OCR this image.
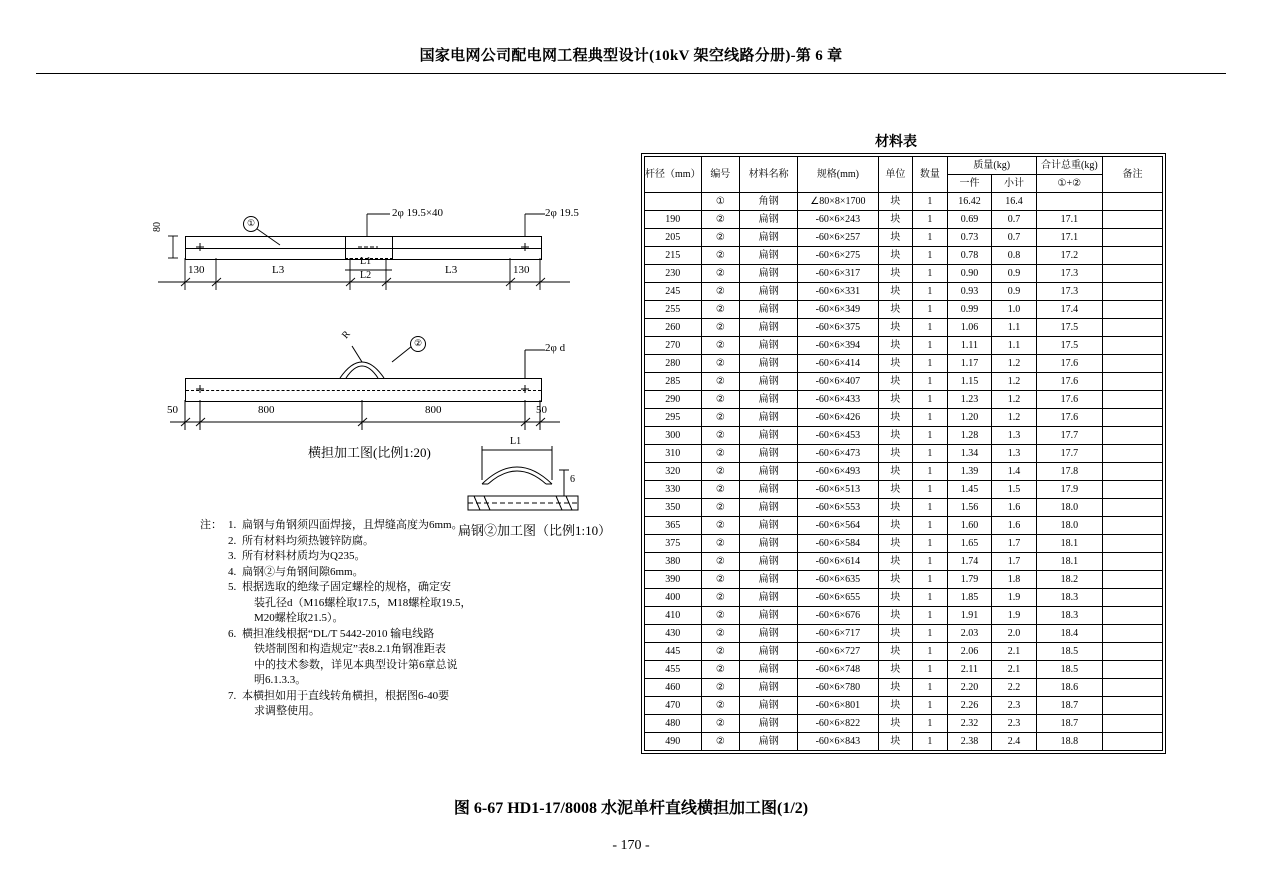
国家电网公司配电网工程典型设计(10kV 架空线路分册)-第 6 章
①
2φ 19.5×40	2φ 19.5
80
130	L3
L1
L2	L3	130
②
R
2φ d
50	800	800	50
横担加工图(比例1:20)
扁钢②加工图（比例1:10）
L1
6
注： 1. 扁钢与角钢须四面焊接，且焊缝高度为6mm。
2. 所有材料均须热镀锌防腐。
3. 所有材料材质均为Q235。
4. 扁钢②与角钢间隙6mm。
5. 根据选取的绝缘子固定螺栓的规格，确定安
装孔径d（M16螺栓取17.5，M18螺栓取19.5，
M20螺栓取21.5）。
6. 横担准线根据“DL/T 5442-2010 输电线路
铁塔制图和构造规定”表8.2.1角钢准距表
中的技术参数，详见本典型设计第6章总说
明6.1.3.3。
7. 本横担如用于直线转角横担，根据图6-40要
求调整使用。
材料表
杆径（mm）	编号	材料名称	规格(mm)	单位	数量	质量(kg)		合计总重(kg)	备注
						一件	小计	①+②	
	①	角钢	∠80×8×1700	块	1	16.42	16.4		
190	②	扁钢	-60×6×243	块	1	0.69	0.7	17.1	
205	②	扁钢	-60×6×257	块	1	0.73	0.7	17.1	
215	②	扁钢	-60×6×275	块	1	0.78	0.8	17.2	
230	②	扁钢	-60×6×317	块	1	0.90	0.9	17.3	
245	②	扁钢	-60×6×331	块	1	0.93	0.9	17.3	
255	②	扁钢	-60×6×349	块	1	0.99	1.0	17.4	
260	②	扁钢	-60×6×375	块	1	1.06	1.1	17.5	
270	②	扁钢	-60×6×394	块	1	1.11	1.1	17.5	
280	②	扁钢	-60×6×414	块	1	1.17	1.2	17.6	
285	②	扁钢	-60×6×407	块	1	1.15	1.2	17.6	
290	②	扁钢	-60×6×433	块	1	1.23	1.2	17.6	
295	②	扁钢	-60×6×426	块	1	1.20	1.2	17.6	
300	②	扁钢	-60×6×453	块	1	1.28	1.3	17.7	
310	②	扁钢	-60×6×473	块	1	1.34	1.3	17.7	
320	②	扁钢	-60×6×493	块	1	1.39	1.4	17.8	
330	②	扁钢	-60×6×513	块	1	1.45	1.5	17.9	
350	②	扁钢	-60×6×553	块	1	1.56	1.6	18.0	
365	②	扁钢	-60×6×564	块	1	1.60	1.6	18.0	
375	②	扁钢	-60×6×584	块	1	1.65	1.7	18.1	
380	②	扁钢	-60×6×614	块	1	1.74	1.7	18.1	
390	②	扁钢	-60×6×635	块	1	1.79	1.8	18.2	
400	②	扁钢	-60×6×655	块	1	1.85	1.9	18.3	
410	②	扁钢	-60×6×676	块	1	1.91	1.9	18.3	
430	②	扁钢	-60×6×717	块	1	2.03	2.0	18.4	
445	②	扁钢	-60×6×727	块	1	2.06	2.1	18.5	
455	②	扁钢	-60×6×748	块	1	2.11	2.1	18.5	
460	②	扁钢	-60×6×780	块	1	2.20	2.2	18.6	
470	②	扁钢	-60×6×801	块	1	2.26	2.3	18.7	
480	②	扁钢	-60×6×822	块	1	2.32	2.3	18.7	
490	②	扁钢	-60×6×843	块	1	2.38	2.4	18.8	
图 6-67 HD1-17/8008 水泥单杆直线横担加工图(1/2)
- 170 -
